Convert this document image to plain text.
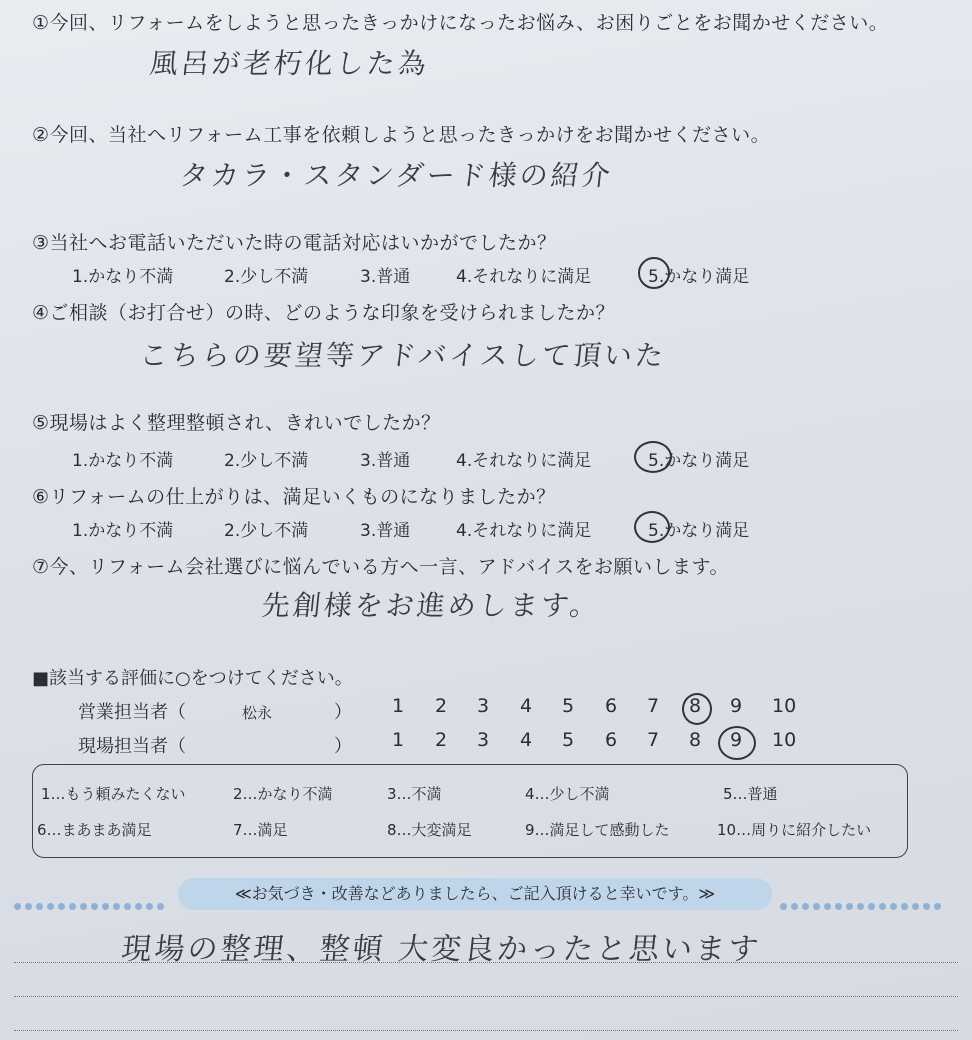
①今回、リフォームをしようと思ったきっかけになったお悩み、お困りごとをお聞かせください。
風呂が老朽化した為
②今回、当社へリフォーム工事を依頼しようと思ったきっかけをお聞かせください。
タカラ・スタンダード様の紹介
③当社へお電話いただいた時の電話対応はいかがでしたか？
1.かなり不満	2.少し不満	3.普通	4.それなりに満足	5.かなり満足
④ご相談（お打合せ）の時、どのような印象を受けられましたか？
こちらの要望等アドバイスして頂いた
⑤現場はよく整理整頓され、きれいでしたか？
1.かなり不満	2.少し不満	3.普通	4.それなりに満足	5.かなり満足
⑥リフォームの仕上がりは、満足いくものになりましたか？
1.かなり不満	2.少し不満	3.普通	4.それなりに満足	5.かなり満足
⑦今、リフォーム会社選びに悩んでいる方へ一言、アドバイスをお願いします。
先創様をお進めします。
■該当する評価に○をつけてください。
営業担当者（	松永	） 1 2 3 4 5 6 7 8 9 10
現場担当者（	） 1 2 3 4 5 6 7 8 9 10
1…もう頼みたくない	2…かなり不満	3…不満	4…少し不満	5…普通
6…まあまあ満足	7…満足	8…大変満足	9…満足して感動した	10…周りに紹介したい
≪お気づき・改善などありましたら、ご記入頂けると幸いです。≫
現場の整理、整頓 大変良かったと思います
